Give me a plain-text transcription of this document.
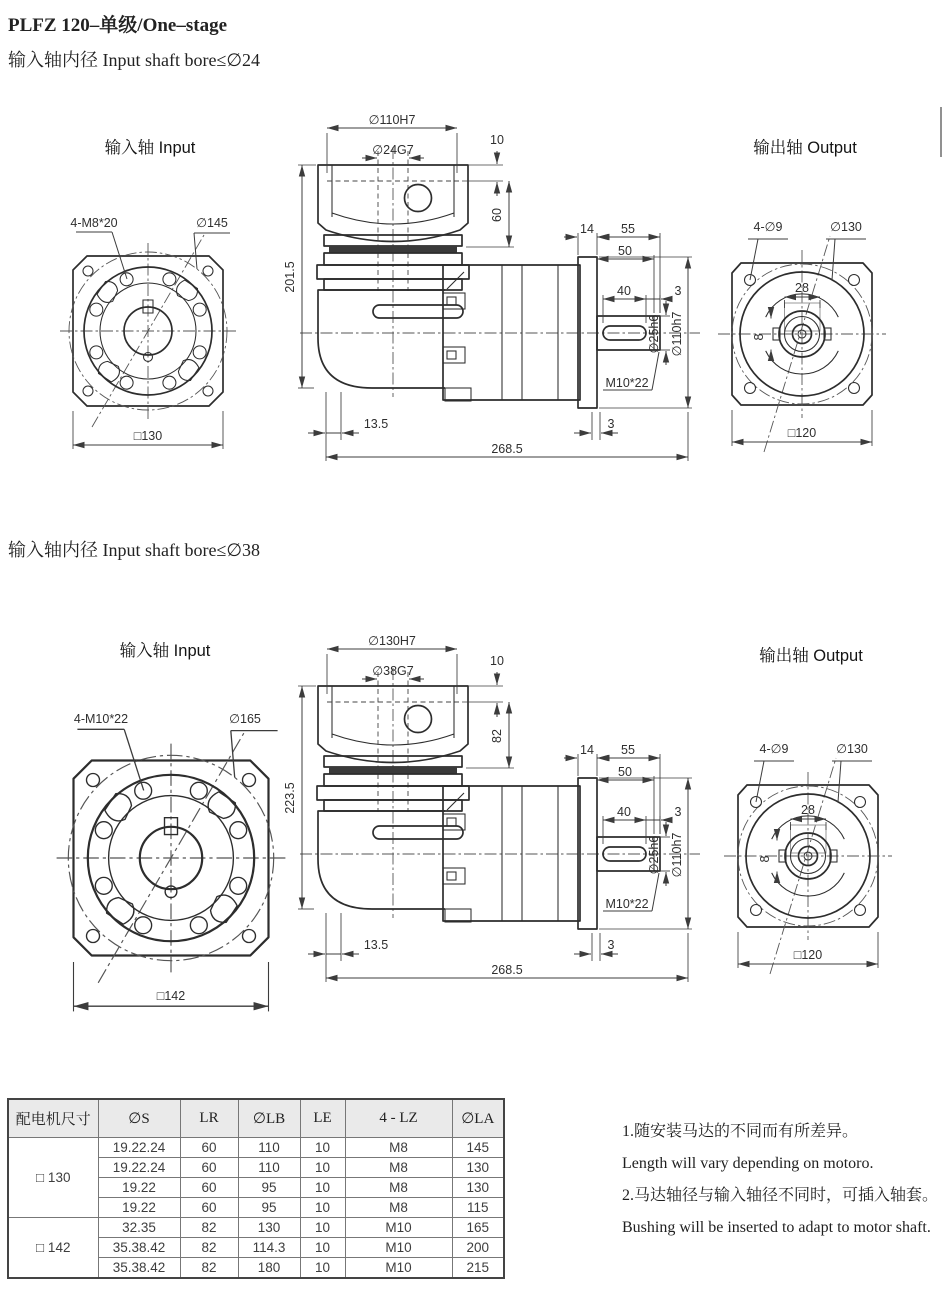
PLFZ 120–单级/One–stage
输入轴内径 Input shaft bore≤∅24
输入轴内径 Input shaft bore≤∅38
输入轴 Input	输出轴 Output
4-M8*20	∅145
□130
∅110H7
∅24G7
10
60
201.5
14 55
50
40	3
∅25h6 ∅110h7
M10*22
13.5	3
268.5
4-∅9	∅130
28
8
□120
输入轴 Input	输出轴 Output
4-M10*22	∅165
□142
∅130H7
∅38G7
10
82
223.5
14 55
50
40	3
∅25h6 ∅110h7
M10*22
13.5	3
268.5
4-∅9	∅130
28
8
□120
配电机尺寸	∅S	LR	∅LB	LE	4 - LZ	∅LA
□ 130	19.22.24	60	110	10	M8	145
	19.22.24	60	110	10	M8	130
	19.22	60	95	10	M8	130
	19.22	60	95	10	M8	115
□ 142	32.35	82	130	10	M10	165
	35.38.42	82	114.3	10	M10	200
	35.38.42	82	180	10	M10	215
1.随安装马达的不同而有所差异。
Length will vary depending on motoro.
2.马达轴径与输入轴径不同时，可插入轴套。
Bushing will be inserted to adapt to motor shaft.
